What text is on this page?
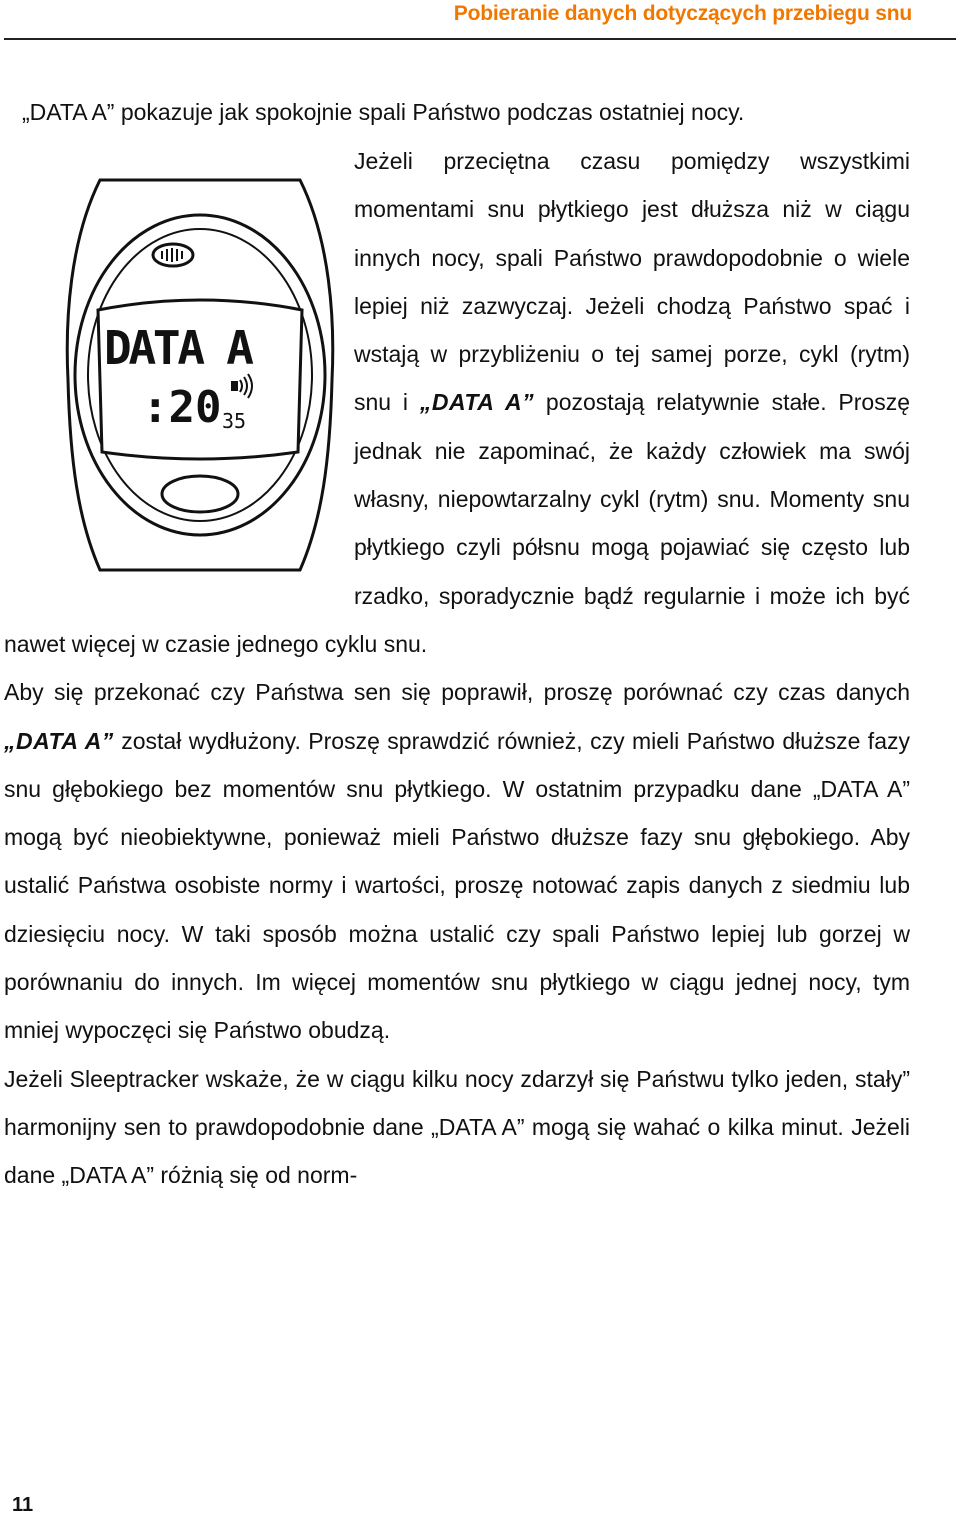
Pobieranie danych dotyczących przebiegu snu
„DATA A” pokazuje jak spokojnie spali Państwo podczas ostatniej nocy.
DATA A
:20 35

Jeżeli przeciętna czasu pomiędzy wszystkimi momentami snu płytkiego jest dłuższa niż w ciągu innych nocy, spali Państwo prawdopodobnie o wiele lepiej niż zazwyczaj. Jeżeli chodzą Państwo spać i wstają w przybliżeniu o tej samej porze, cykl (rytm) snu i „DATA A” pozostają relatywnie stałe. Proszę jednak nie zapominać, że każdy człowiek ma swój własny, niepowtarzalny cykl (rytm) snu. Momenty snu płytkiego czyli półsnu mogą pojawiać się często lub rzadko, sporadycznie bądź regularnie i może ich być nawet więcej w czasie jednego cyklu snu.

Aby się przekonać czy Państwa sen się poprawił, proszę porównać czy czas danych „DATA A” został wydłużony. Proszę sprawdzić również, czy mieli Państwo dłuższe fazy snu głębokiego bez momentów snu płytkiego. W ostatnim przypadku dane „DATA A” mogą być nieobiektywne, ponieważ mieli Państwo dłuższe fazy snu głębokiego. Aby ustalić Państwa osobiste normy i wartości, proszę notować zapis danych z siedmiu lub dziesięciu nocy. W taki sposób można ustalić czy spali Państwo lepiej lub gorzej w porównaniu do innych. Im więcej momentów snu płytkiego w ciągu jednej nocy, tym mniej wypoczęci się Państwo obudzą.

Jeżeli Sleeptracker wskaże, że w ciągu kilku nocy zdarzył się Państwu tylko jeden, stały” harmonijny sen to prawdopodobnie dane „DATA A” mogą się wahać o kilka minut. Jeżeli dane „DATA A” różnią się od norm-

11
